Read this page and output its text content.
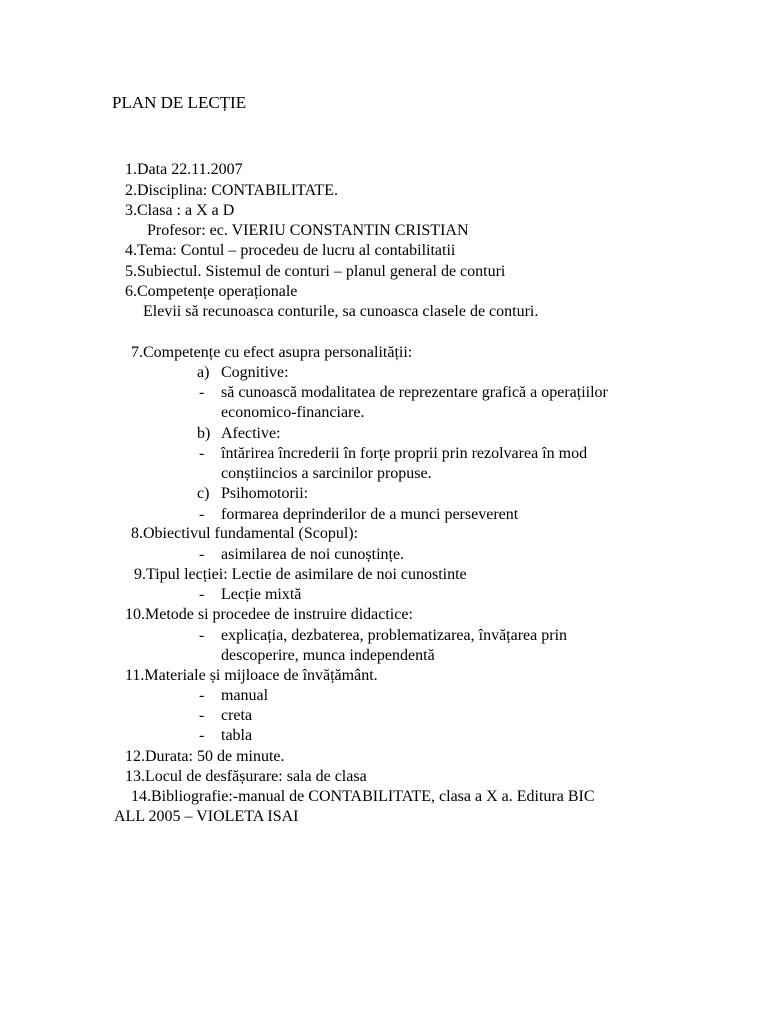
PLAN DE LECȚIE
1.Data 22.11.2007
2.Disciplina: CONTABILITATE.
3.Clasa : a X a D
Profesor: ec. VIERIU CONSTANTIN CRISTIAN
4.Tema: Contul – procedeu de lucru al contabilitatii
5.Subiectul. Sistemul de conturi – planul general de conturi
6.Competențe operaționale
Elevii să recunoasca conturile, sa cunoasca clasele de conturi.
7.Competențe cu efect asupra personalității:
a) Cognitive:
- să cunoască modalitatea de reprezentare grafică a operațiilor
economico-financiare.
b) Afective:
- întărirea încrederii în forțe proprii prin rezolvarea în mod
conștiincios a sarcinilor propuse.
c) Psihomotorii:
- formarea deprinderilor de a munci perseverent
8.Obiectivul fundamental (Scopul):
- asimilarea de noi cunoștințe.
9.Tipul lecției: Lectie de asimilare de noi cunostinte
- Lecție mixtă
10.Metode si procedee de instruire didactice:
- explicația, dezbaterea, problematizarea, învățarea prin
descoperire, munca independentă
11.Materiale și mijloace de învățământ.
- manual
- creta
- tabla
12.Durata: 50 de minute.
13.Locul de desfășurare: sala de clasa
14.Bibliografie:-manual de CONTABILITATE, clasa a X a. Editura BIC
ALL 2005 – VIOLETA ISAI
